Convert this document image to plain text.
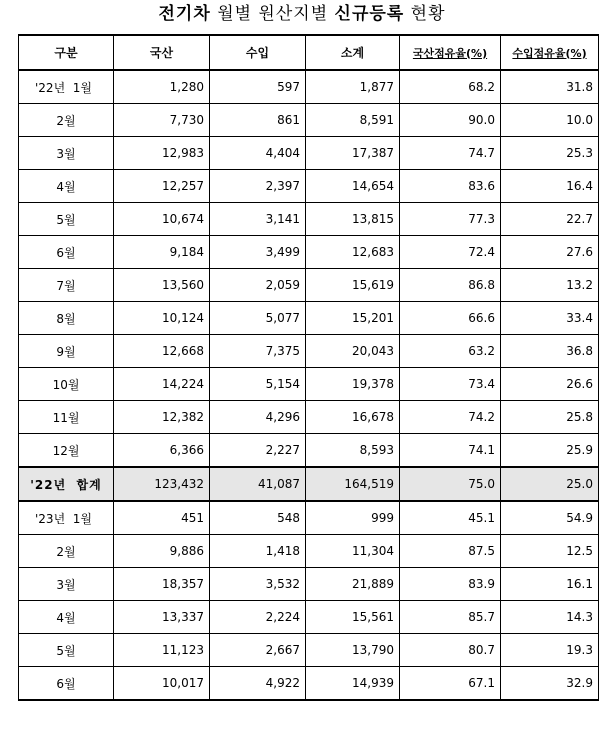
전기차 월별 원산지별 신규등록 현황
구분	국산	수입	소계	국산점유율(%)	수입점유율(%)
'22년  1월	1,280	597	1,877	68.2	31.8
2월	7,730	861	8,591	90.0	10.0
3월	12,983	4,404	17,387	74.7	25.3
4월	12,257	2,397	14,654	83.6	16.4
5월	10,674	3,141	13,815	77.3	22.7
6월	9,184	3,499	12,683	72.4	27.6
7월	13,560	2,059	15,619	86.8	13.2
8월	10,124	5,077	15,201	66.6	33.4
9월	12,668	7,375	20,043	63.2	36.8
10월	14,224	5,154	19,378	73.4	26.6
11월	12,382	4,296	16,678	74.2	25.8
12월	6,366	2,227	8,593	74.1	25.9
'22년  합계	123,432	41,087	164,519	75.0	25.0
'23년  1월	451	548	999	45.1	54.9
2월	9,886	1,418	11,304	87.5	12.5
3월	18,357	3,532	21,889	83.9	16.1
4월	13,337	2,224	15,561	85.7	14.3
5월	11,123	2,667	13,790	80.7	19.3
6월	10,017	4,922	14,939	67.1	32.9
